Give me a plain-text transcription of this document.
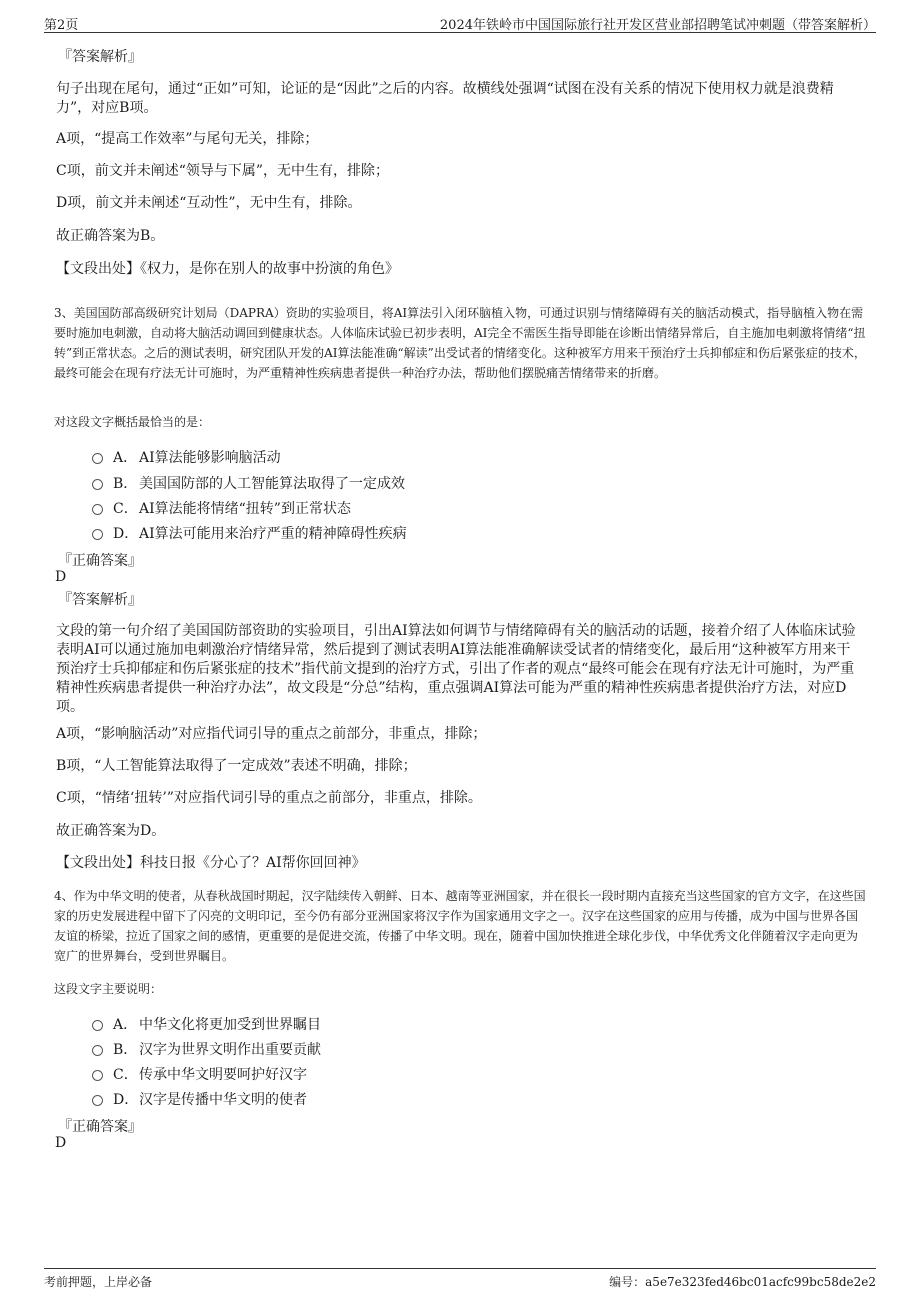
第2页	2024年铁岭市中国国际旅行社开发区营业部招聘笔试冲刺题（带答案解析）
『答案解析』
句子出现在尾句，通过“正如”可知，论证的是“因此”之后的内容。故横线处强调“试图在没有关系的情况下使用权力就是浪费精力”，对应B项。
A项，“提高工作效率”与尾句无关，排除；
C项，前文并未阐述“领导与下属”，无中生有，排除；
D项，前文并未阐述“互动性”，无中生有，排除。
故正确答案为B。
【文段出处】《权力，是你在别人的故事中扮演的角色》
3、美国国防部高级研究计划局（DAPRA）资助的实验项目，将AI算法引入闭环脑植入物，可通过识别与情绪障碍有关的脑活动模式，指导脑植入物在需要时施加电刺激，自动将大脑活动调回到健康状态。人体临床试验已初步表明，AI完全不需医生指导即能在诊断出情绪异常后，自主施加电刺激将情绪“扭转”到正常状态。之后的测试表明，研究团队开发的AI算法能准确“解读”出受试者的情绪变化。这种被军方用来干预治疗士兵抑郁症和伤后紧张症的技术，最终可能会在现有疗法无计可施时，为严重精神性疾病患者提供一种治疗办法，帮助他们摆脱痛苦情绪带来的折磨。
对这段文字概括最恰当的是：
A． AI算法能够影响脑活动
B． 美国国防部的人工智能算法取得了一定成效
C．AI算法能将情绪“扭转”到正常状态
D．AI算法可能用来治疗严重的精神障碍性疾病
『正确答案』
D
『答案解析』
文段的第一句介绍了美国国防部资助的实验项目，引出AI算法如何调节与情绪障碍有关的脑活动的话题，接着介绍了人体临床试验表明AI可以通过施加电刺激治疗情绪异常，然后提到了测试表明AI算法能准确解读受试者的情绪变化，最后用“这种被军方用来干预治疗士兵抑郁症和伤后紧张症的技术”指代前文提到的治疗方式，引出了作者的观点“最终可能会在现有疗法无计可施时，为严重精神性疾病患者提供一种治疗办法”，故文段是“分总”结构，重点强调AI算法可能为严重的精神性疾病患者提供治疗方法，对应D项。
A项，“影响脑活动”对应指代词引导的重点之前部分，非重点，排除；
B项，“人工智能算法取得了一定成效”表述不明确，排除；
C项，“情绪‘扭转’”对应指代词引导的重点之前部分，非重点，排除。
故正确答案为D。
【文段出处】科技日报《分心了？AI帮你回回神》
4、作为中华文明的使者，从春秋战国时期起，汉字陆续传入朝鲜、日本、越南等亚洲国家，并在很长一段时期内直接充当这些国家的官方文字，在这些国家的历史发展进程中留下了闪亮的文明印记，至今仍有部分亚洲国家将汉字作为国家通用文字之一。汉字在这些国家的应用与传播，成为中国与世界各国友谊的桥梁，拉近了国家之间的感情，更重要的是促进交流，传播了中华文明。现在，随着中国加快推进全球化步伐，中华优秀文化伴随着汉字走向更为宽广的世界舞台，受到世界瞩目。
这段文字主要说明：
A． 中华文化将更加受到世界瞩目
B． 汉字为世界文明作出重要贡献
C．传承中华文明要呵护好汉字
D．汉字是传播中华文明的使者
『正确答案』
D
考前押题，上岸必备	编号：a5e7e323fed46bc01acfc99bc58de2e2
